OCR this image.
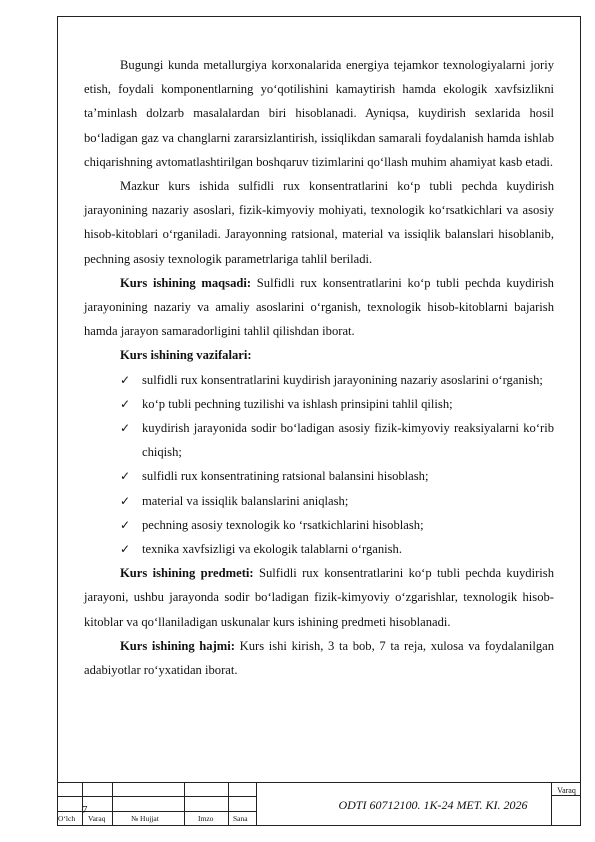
Bugungi kunda metallurgiya korxonalarida energiya tejamkor texnologiyalarni joriy etish, foydali komponentlarning yo‘qotilishini kamaytirish hamda ekologik xavfsizlikni ta’minlash dolzarb masalalardan biri hisoblanadi. Ayniqsa, kuydirish sexlarida hosil bo‘ladigan gaz va changlarni zararsizlantirish, issiqlikdan samarali foydalanish hamda ishlab chiqarishning avtomatlashtirilgan boshqaruv tizimlarini qo‘llash muhim ahamiyat kasb etadi.

Mazkur kurs ishida sulfidli rux konsentratlarini ko‘p tubli pechda kuydirish jarayonining nazariy asoslari, fizik-kimyoviy mohiyati, texnologik ko‘rsatkichlari va asosiy hisob-kitoblari o‘rganiladi. Jarayonning ratsional, material va issiqlik balanslari hisoblanib, pechning asosiy texnologik parametrlariga tahlil beriladi.

Kurs ishining maqsadi: Sulfidli rux konsentratlarini ko‘p tubli pechda kuydirish jarayonining nazariy va amaliy asoslarini o‘rganish, texnologik hisob-kitoblarni bajarish hamda jarayon samaradorligini tahlil qilishdan iborat.

Kurs ishining vazifalari:

✓ sulfidli rux konsentratlarini kuydirish jarayonining nazariy asoslarini o‘rganish;
✓ ko‘p tubli pechning tuzilishi va ishlash prinsipini tahlil qilish;
✓ kuydirish jarayonida sodir bo‘ladigan asosiy fizik-kimyoviy reaksiyalarni ko‘rib chiqish;
✓ sulfidli rux konsentratining ratsional balansini hisoblash;
✓ material va issiqlik balanslarini aniqlash;
✓ pechning asosiy texnologik ko ‘rsatkichlarini hisoblash;
✓ texnika xavfsizligi va ekologik talablarni o‘rganish.

Kurs ishining predmeti: Sulfidli rux konsentratlarini ko‘p tubli pechda kuydirish jarayoni, ushbu jarayonda sodir bo‘ladigan fizik-kimyoviy o‘zgarishlar, texnologik hisob-kitoblar va qo‘llaniladigan uskunalar kurs ishining predmeti hisoblanadi.

Kurs ishining hajmi: Kurs ishi kirish, 3 ta bob, 7 ta reja, xulosa va foydalanilgan adabiyotlar ro‘yxatidan iborat.

7
O‘lch Varaq	№ Hujjat	Imzo	Sana
ODTI 60712100. 1K-24 MET. KI. 2026
Varaq
